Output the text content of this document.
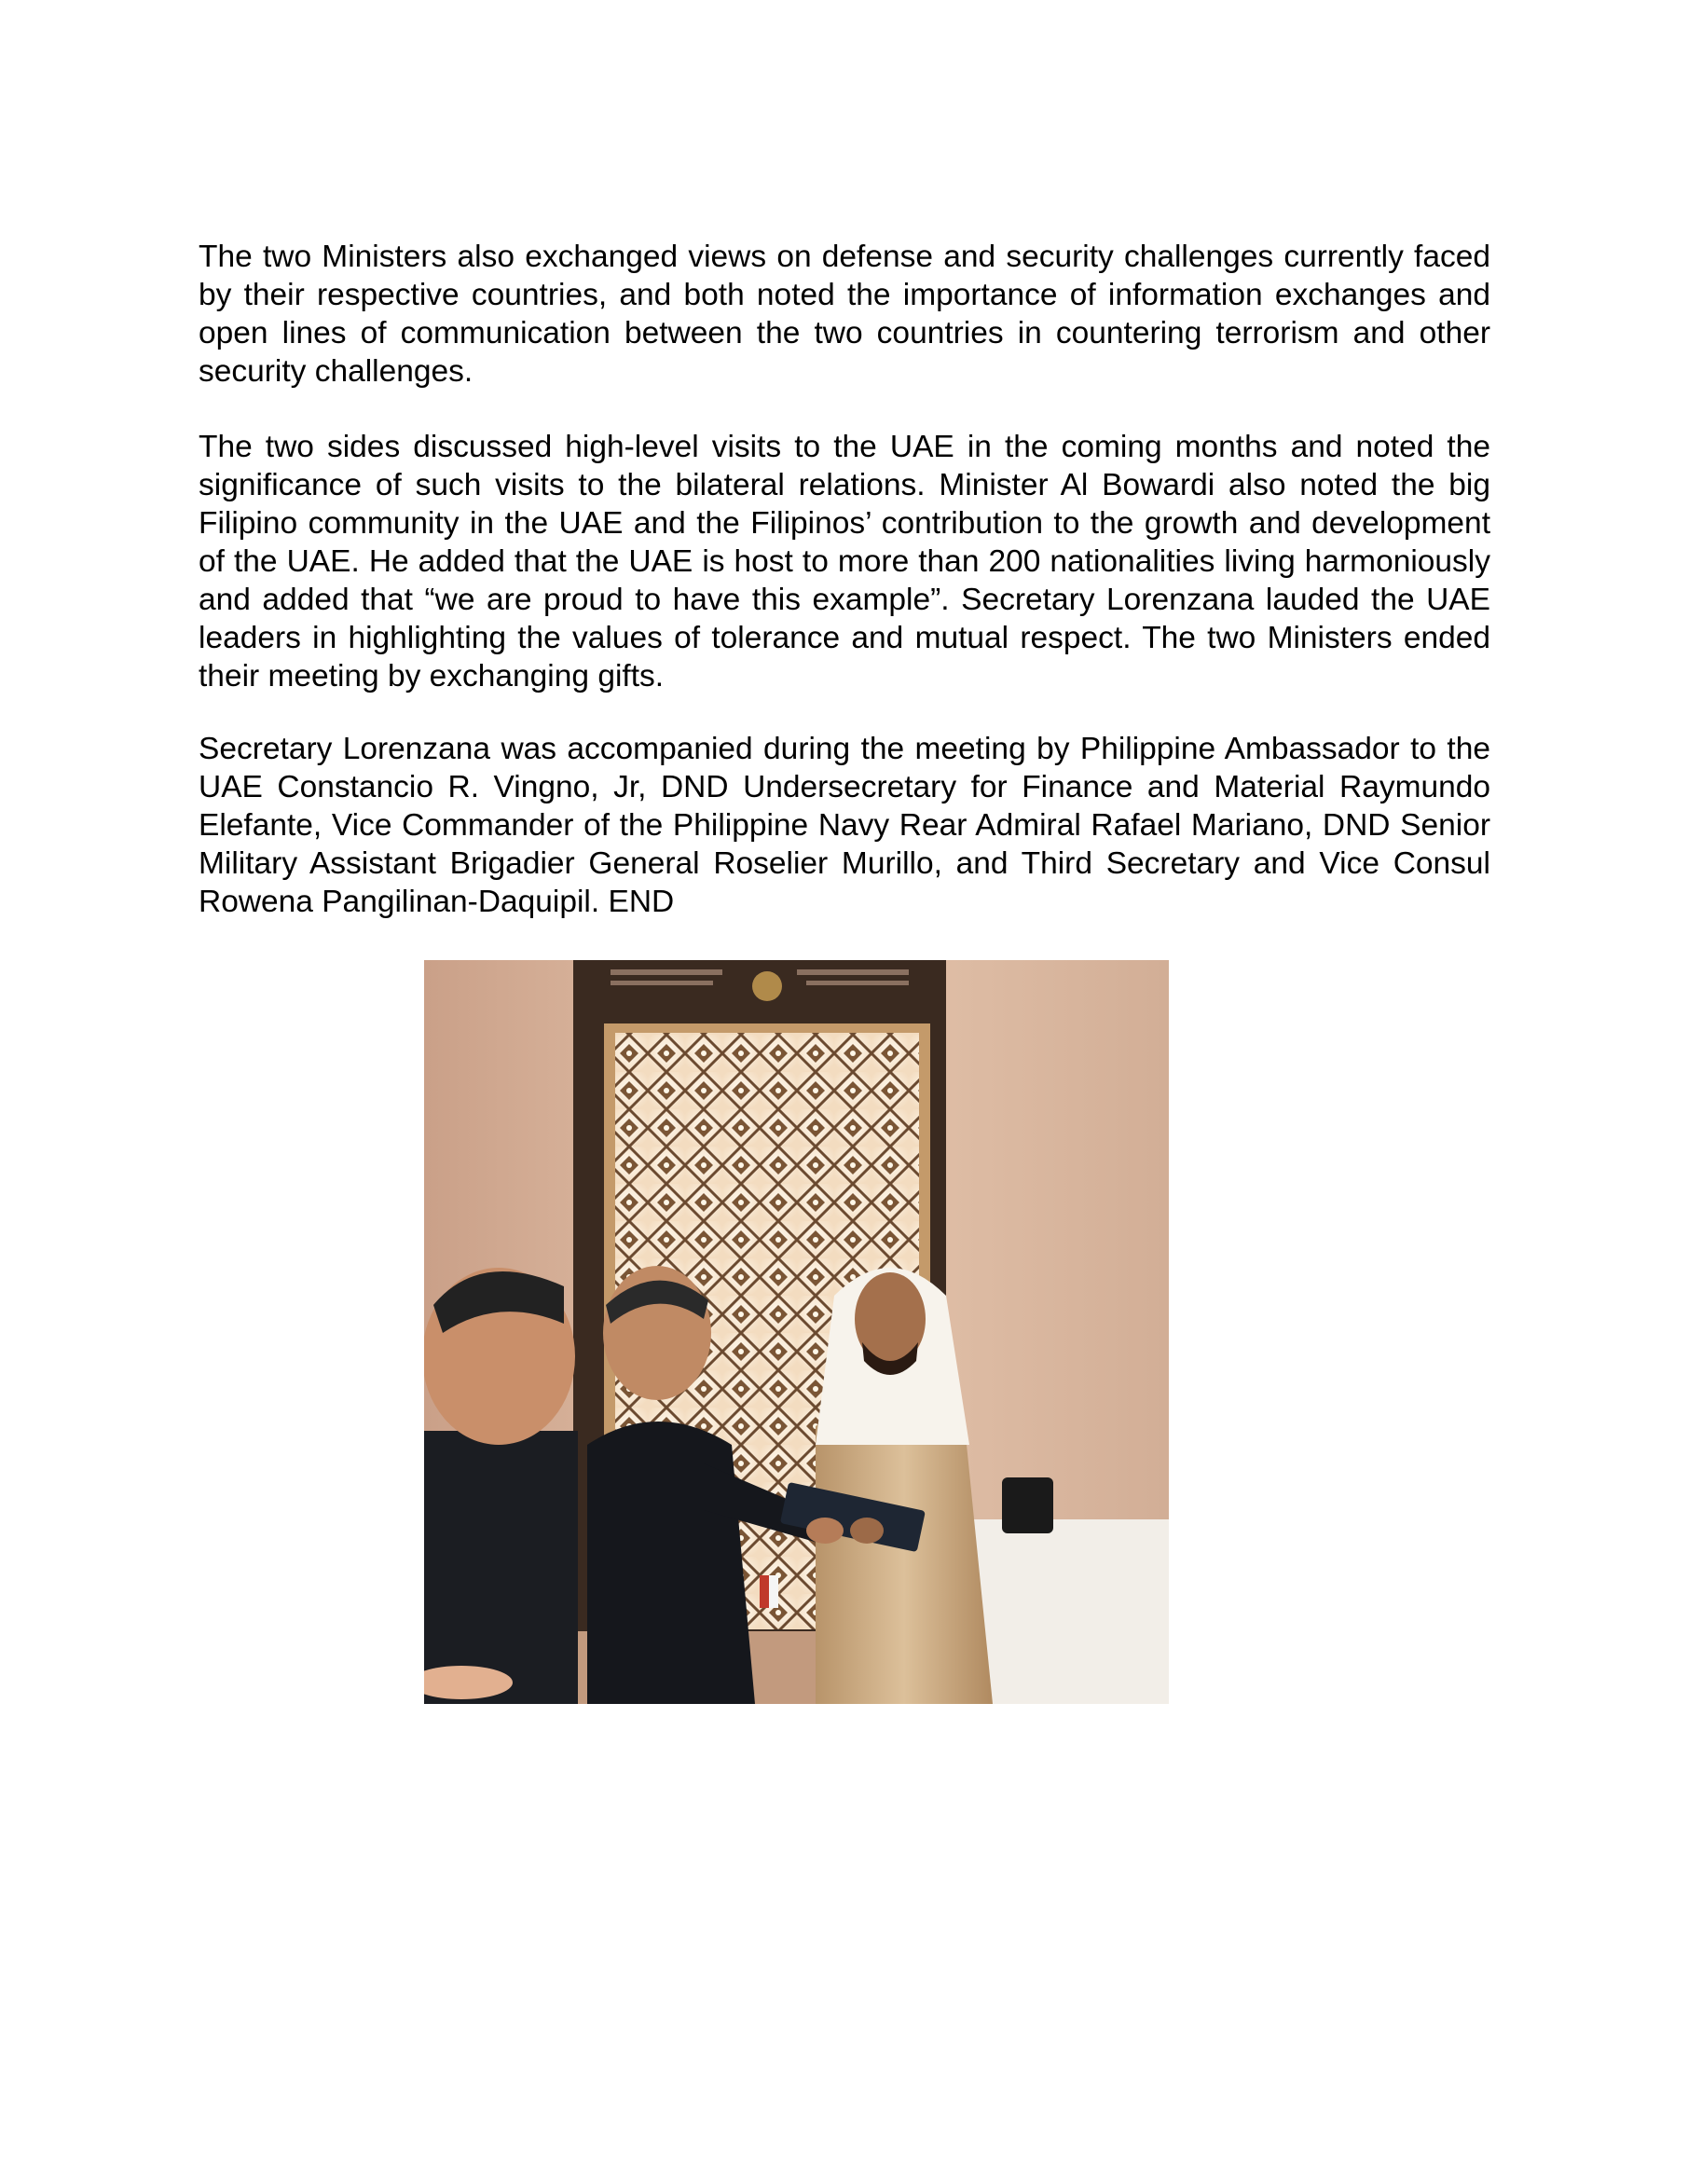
The two Ministers also exchanged views on defense and security challenges currently faced by their respective countries, and both noted the importance of information exchanges and open lines of communication between the two countries in countering terrorism and other security challenges.

The two sides discussed high-level visits to the UAE in the coming months and noted the significance of such visits to the bilateral relations. Minister Al Bowardi also noted the big Filipino community in the UAE and the Filipinos’ contribution to the growth and development of the UAE. He added that the UAE is host to more than 200 nationalities living harmoniously and added that “we are proud to have this example”. Secretary Lorenzana lauded the UAE leaders in highlighting the values of tolerance and mutual respect. The two Ministers ended their meeting by exchanging gifts.

Secretary Lorenzana was accompanied during the meeting by Philippine Ambassador to the UAE Constancio R. Vingno, Jr, DND Undersecretary for Finance and Material Raymundo Elefante, Vice Commander of the Philippine Navy Rear Admiral Rafael Mariano, DND Senior Military Assistant Brigadier General Roselier Murillo, and Third Secretary and Vice Consul Rowena Pangilinan-Daquipil. END
